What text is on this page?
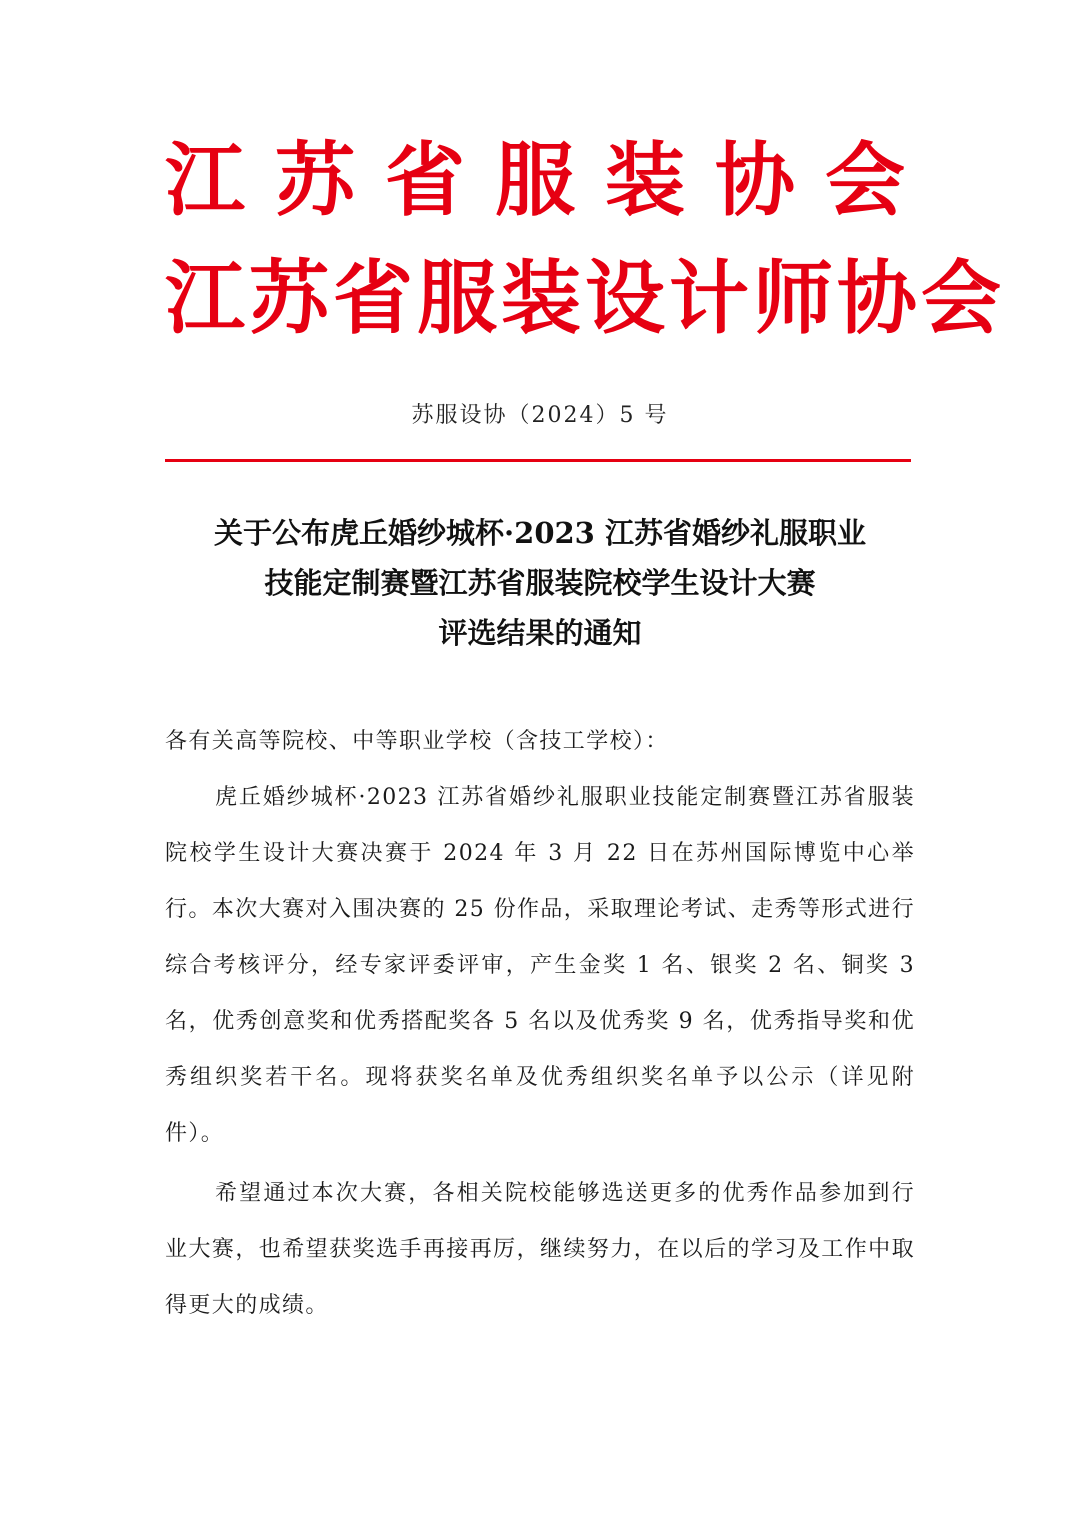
江苏省服装协会
江苏省服装设计师协会
苏服设协（2024）5 号
关于公布虎丘婚纱城杯·2023 江苏省婚纱礼服职业
技能定制赛暨江苏省服装院校学生设计大赛
评选结果的通知
各有关高等院校、中等职业学校（含技工学校）：
虎丘婚纱城杯·2023 江苏省婚纱礼服职业技能定制赛暨江苏省服装院校学生设计大赛决赛于 2024 年 3 月 22 日在苏州国际博览中心举行。本次大赛对入围决赛的 25 份作品，采取理论考试、走秀等形式进行综合考核评分，经专家评委评审，产生金奖 1 名、银奖 2 名、铜奖 3 名，优秀创意奖和优秀搭配奖各 5 名以及优秀奖 9 名，优秀指导奖和优秀组织奖若干名。现将获奖名单及优秀组织奖名单予以公示（详见附件）。
希望通过本次大赛，各相关院校能够选送更多的优秀作品参加到行业大赛，也希望获奖选手再接再厉，继续努力，在以后的学习及工作中取得更大的成绩。
